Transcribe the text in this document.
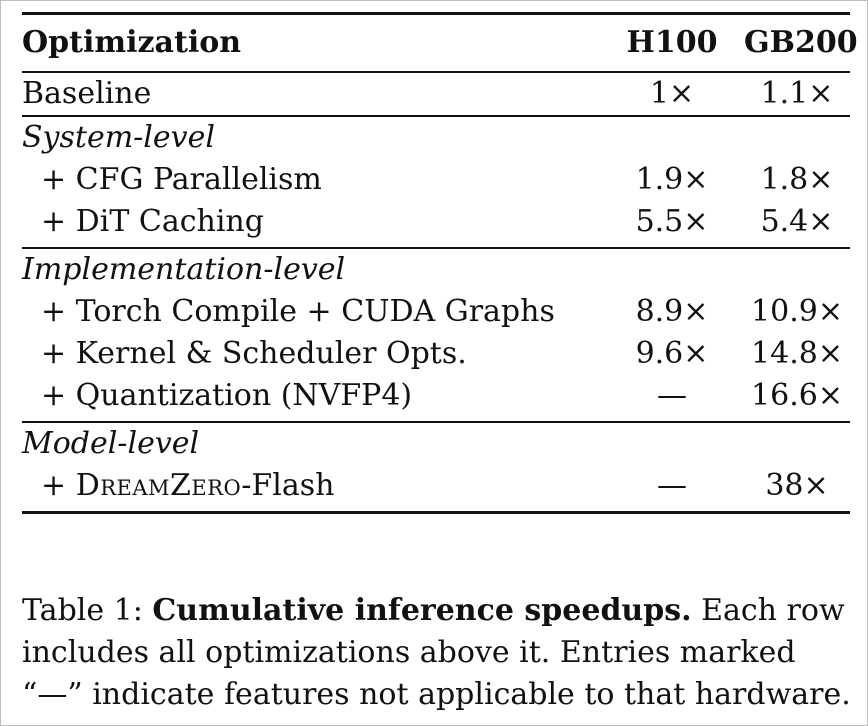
Optimization	H100 GB200
Baseline	1×	1.1×
System-level
+ CFG Parallelism	1.9×	1.8×
+ DiT Caching	5.5×	5.4×
Implementation-level
+ Torch Compile + CUDA Graphs	8.9×	10.9×
+ Kernel & Scheduler Opts.	9.6×	14.8×
+ Quantization (NVFP4)	—	16.6×
Model-level
+ DreamZero-Flash	—	38×
Table 1: Cumulative inference speedups. Each row includes all optimizations above it. Entries marked “—” indicate features not applicable to that hardware.
